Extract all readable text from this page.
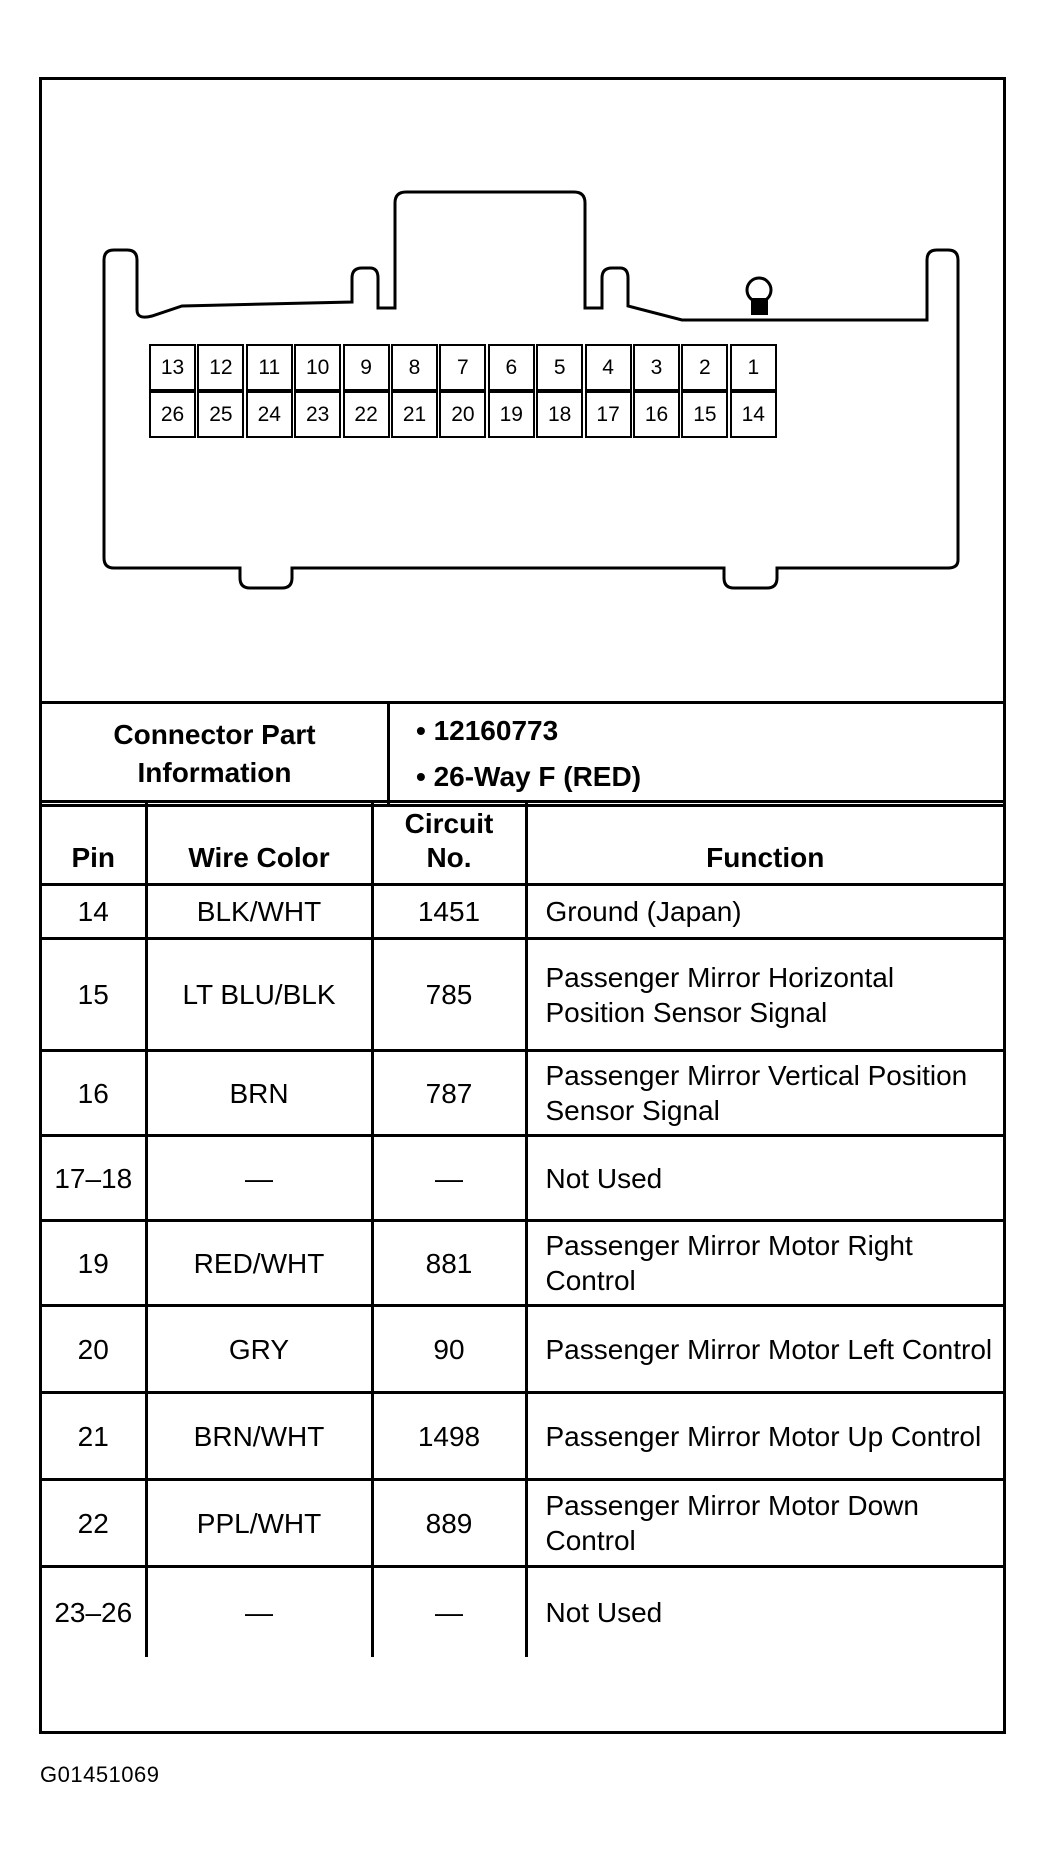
13	12	11	10	9	8	7	6	5	4	3	2	1
26	25	24	23	22	21	20	19	18	17	16	15	14
Connector Part Information	
• 12160773
• 26-Way F (RED)
Pin	Wire Color	Circuit No.	Function
14	BLK/WHT	1451	Ground (Japan)
15	LT BLU/BLK	785	Passenger Mirror Horizontal Position Sensor Signal
16	BRN	787	Passenger Mirror Vertical Position Sensor Signal
17–18	—	—	Not Used
19	RED/WHT	881	Passenger Mirror Motor Right Control
20	GRY	90	Passenger Mirror Motor Left Control
21	BRN/WHT	1498	Passenger Mirror Motor Up Control
22	PPL/WHT	889	Passenger Mirror Motor Down Control
23–26	—	—	Not Used
G01451069
